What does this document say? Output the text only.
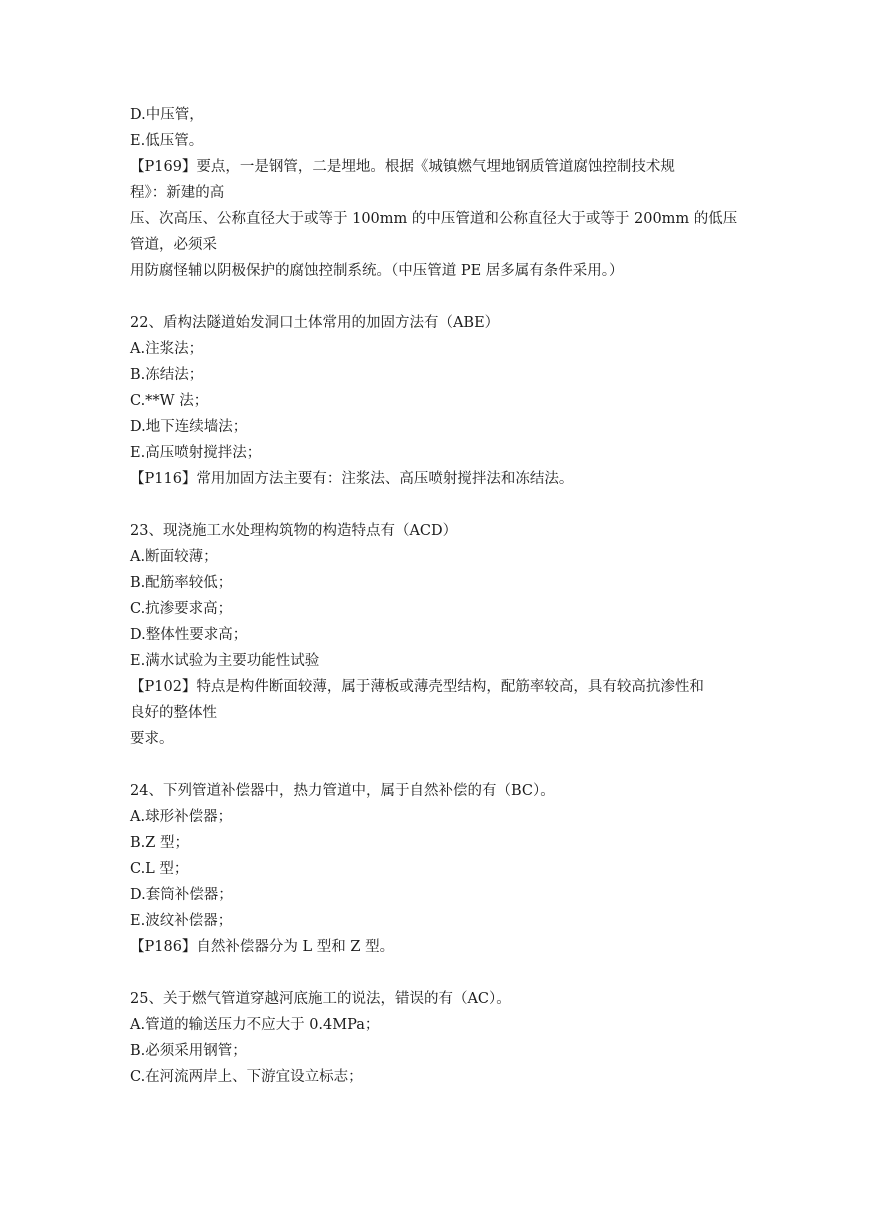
D.中压管，
E.低压管。
【P169】要点，一是钢管，二是埋地。根据《城镇燃气埋地钢质管道腐蚀控制技术规
程》：新建的高
压、次高压、公称直径大于或等于 100mm 的中压管道和公称直径大于或等于 200mm 的低压
管道，必须采
用防腐怪辅以阴极保护的腐蚀控制系统。（中压管道 PE 居多属有条件采用。）
22、盾构法隧道始发洞口土体常用的加固方法有（ABE）
A.注浆法；
B.冻结法；
C.**W 法；
D.地下连续墙法；
E.高压喷射搅拌法；
【P116】常用加固方法主要有：注浆法、高压喷射搅拌法和冻结法。
23、现浇施工水处理构筑物的构造特点有（ACD）
A.断面较薄；
B.配筋率较低；
C.抗渗要求高；
D.整体性要求高；
E.满水试验为主要功能性试验
【P102】特点是构件断面较薄，属于薄板或薄壳型结构，配筋率较高，具有较高抗渗性和
良好的整体性
要求。
24、下列管道补偿器中，热力管道中，属于自然补偿的有（BC）。
A.球形补偿器；
B.Z 型；
C.L 型；
D.套筒补偿器；
E.波纹补偿器；
【P186】自然补偿器分为 L 型和 Z 型。
25、关于燃气管道穿越河底施工的说法，错误的有（AC）。
A.管道的输送压力不应大于 0.4MPa；
B.必须采用钢管；
C.在河流两岸上、下游宜设立标志；
